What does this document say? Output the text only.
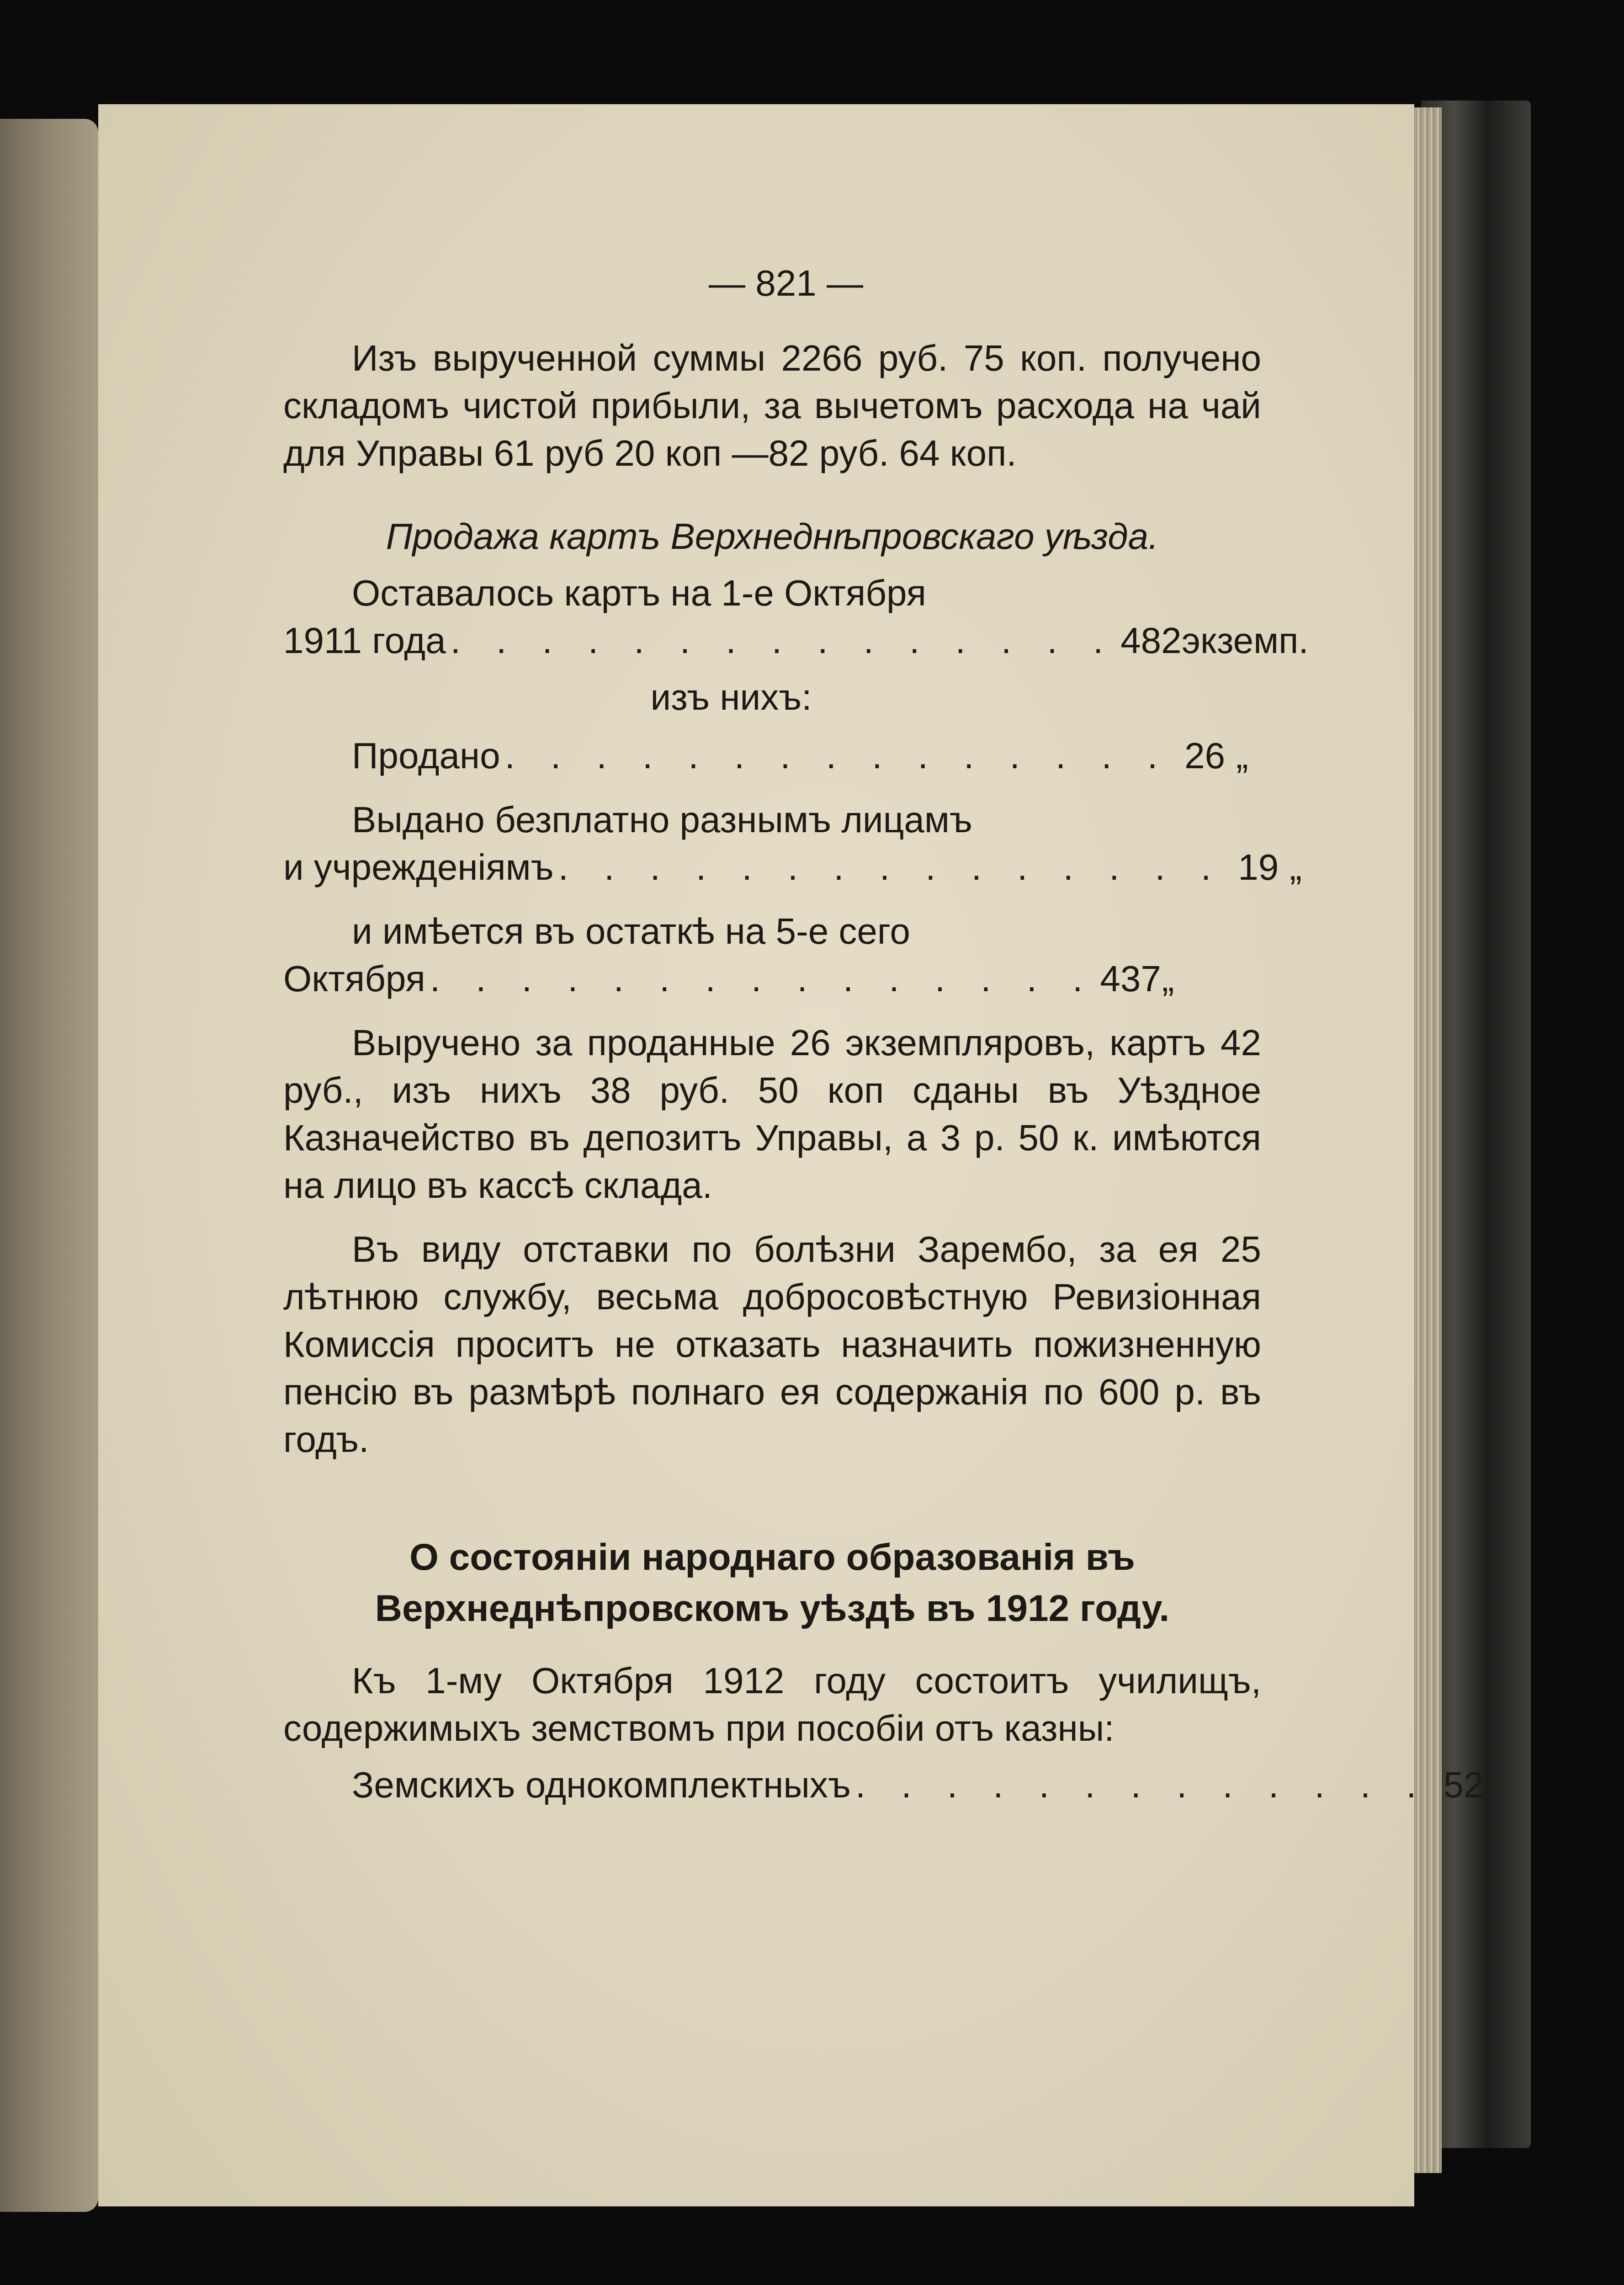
— 821 —

Изъ вырученной суммы 2266 руб. 75 коп. получено складомъ чистой прибыли, за вычетомъ расхода на чай для Управы 61 руб 20 коп —82 руб. 64 коп.

Продажа картъ Верхнеднѣпровскаго уѣзда.
Оставалось картъ на 1-е Октября
1911 года . . . . . . . . . . . . . . . 482 экземп.
изъ нихъ:
Продано . . . . . . . . . . . . . . . 26 „
Выдано безплатно разнымъ лицамъ
и учрежденіямъ . . . . . . . . . . . . . . . 19 „
и имѣется въ остаткѣ на 5-е сего
Октября . . . . . . . . . . . . . . . 437 „

Выручено за проданные 26 экземпляровъ, картъ 42 руб., изъ нихъ 38 руб. 50 коп сданы въ Уѣздное Казначейство въ депозитъ Управы, а 3 р. 50 к. имѣются на лицо въ кассѣ склада.

Въ виду отставки по болѣзни Зарембо, за ея 25 лѣтнюю службу, весьма добросовѣстную Ревизіонная Комиссія проситъ не отказать назначить пожизненную пенсію въ размѣрѣ полнаго ея содержанія по 600 р. въ годъ.

О состояніи народнаго образованія въ Верхнеднѣпровскомъ уѣздѣ въ 1912 году.

Къ 1-му Октября 1912 году состоитъ училищъ, содержимыхъ земствомъ при пособіи отъ казны:

Земскихъ однокомплектныхъ . . . . . . . . . . . . . 52
